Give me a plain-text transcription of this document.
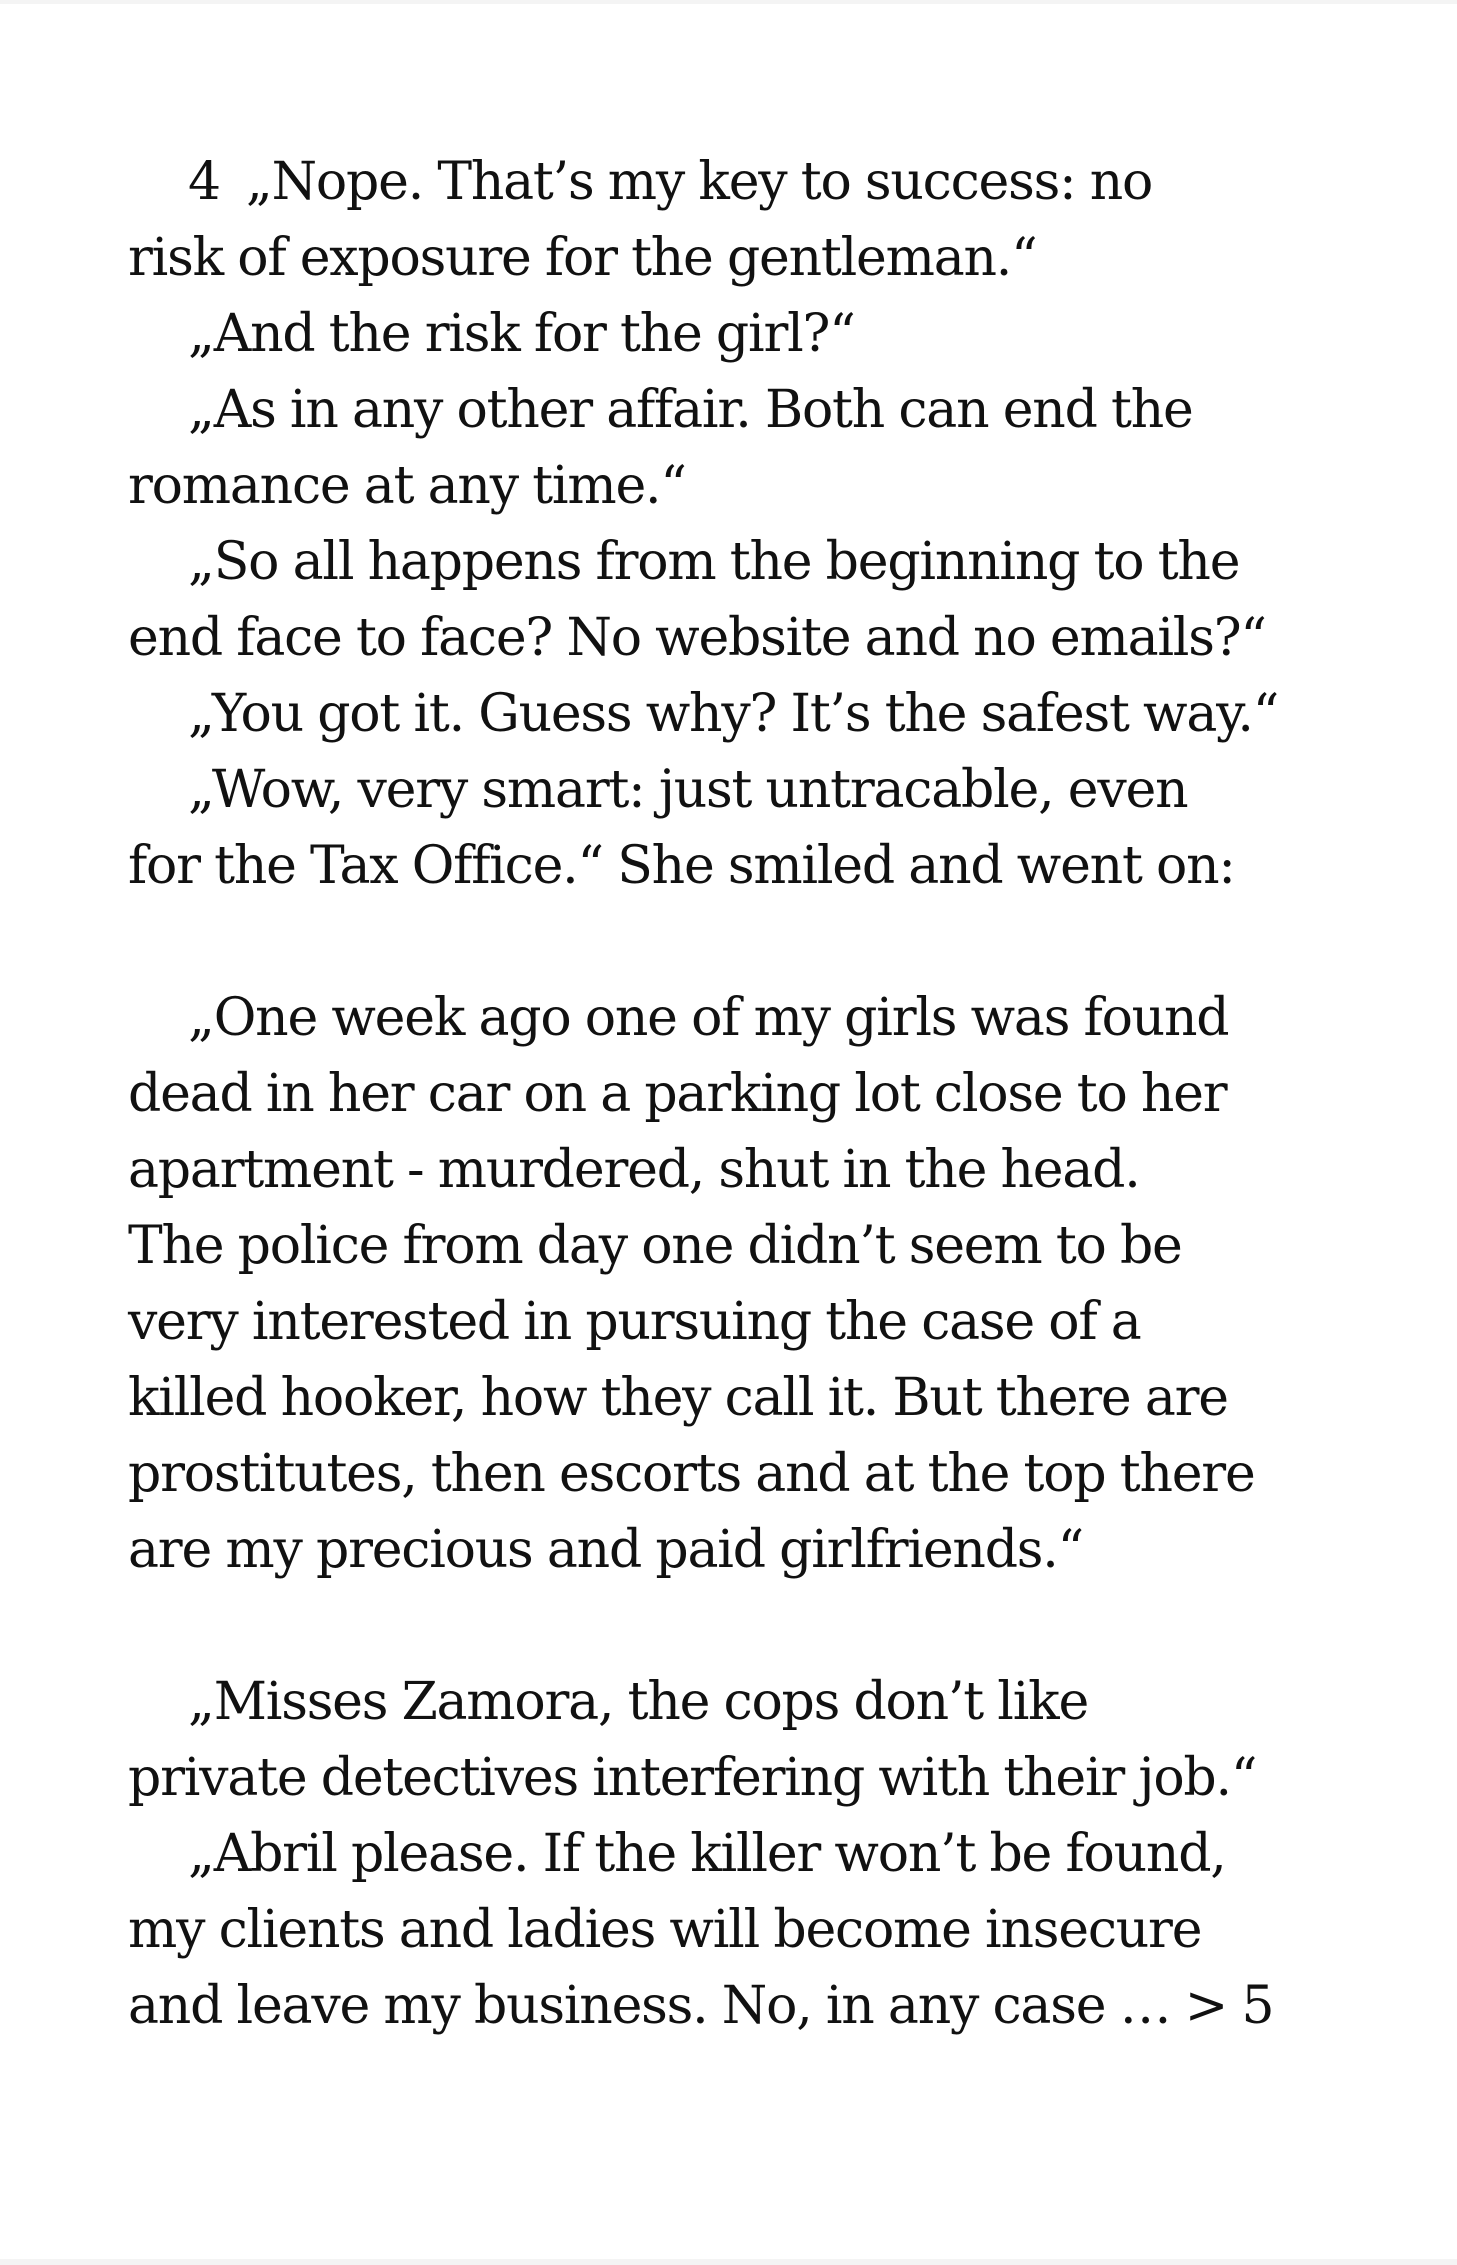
4 „Nope. That’s my key to success: no
risk of exposure for the gentleman.“
„And the risk for the girl?“
„As in any other affair. Both can end the
romance at any time.“
„So all happens from the beginning to the
end face to face? No website and no emails?“
„You got it. Guess why? It’s the safest way.“
„Wow, very smart: just untracable, even
for the Tax Office.“ She smiled and went on:
„One week ago one of my girls was found
dead in her car on a parking lot close to her
apartment - murdered, shut in the head.
The police from day one didn’t seem to be
very interested in pursuing the case of a
killed hooker, how they call it. But there are
prostitutes, then escorts and at the top there
are my precious and paid girlfriends.“
„Misses Zamora, the cops don’t like
private detectives interfering with their job.“
„Abril please. If the killer won’t be found,
my clients and ladies will become insecure
and leave my business. No, in any case … > 5
